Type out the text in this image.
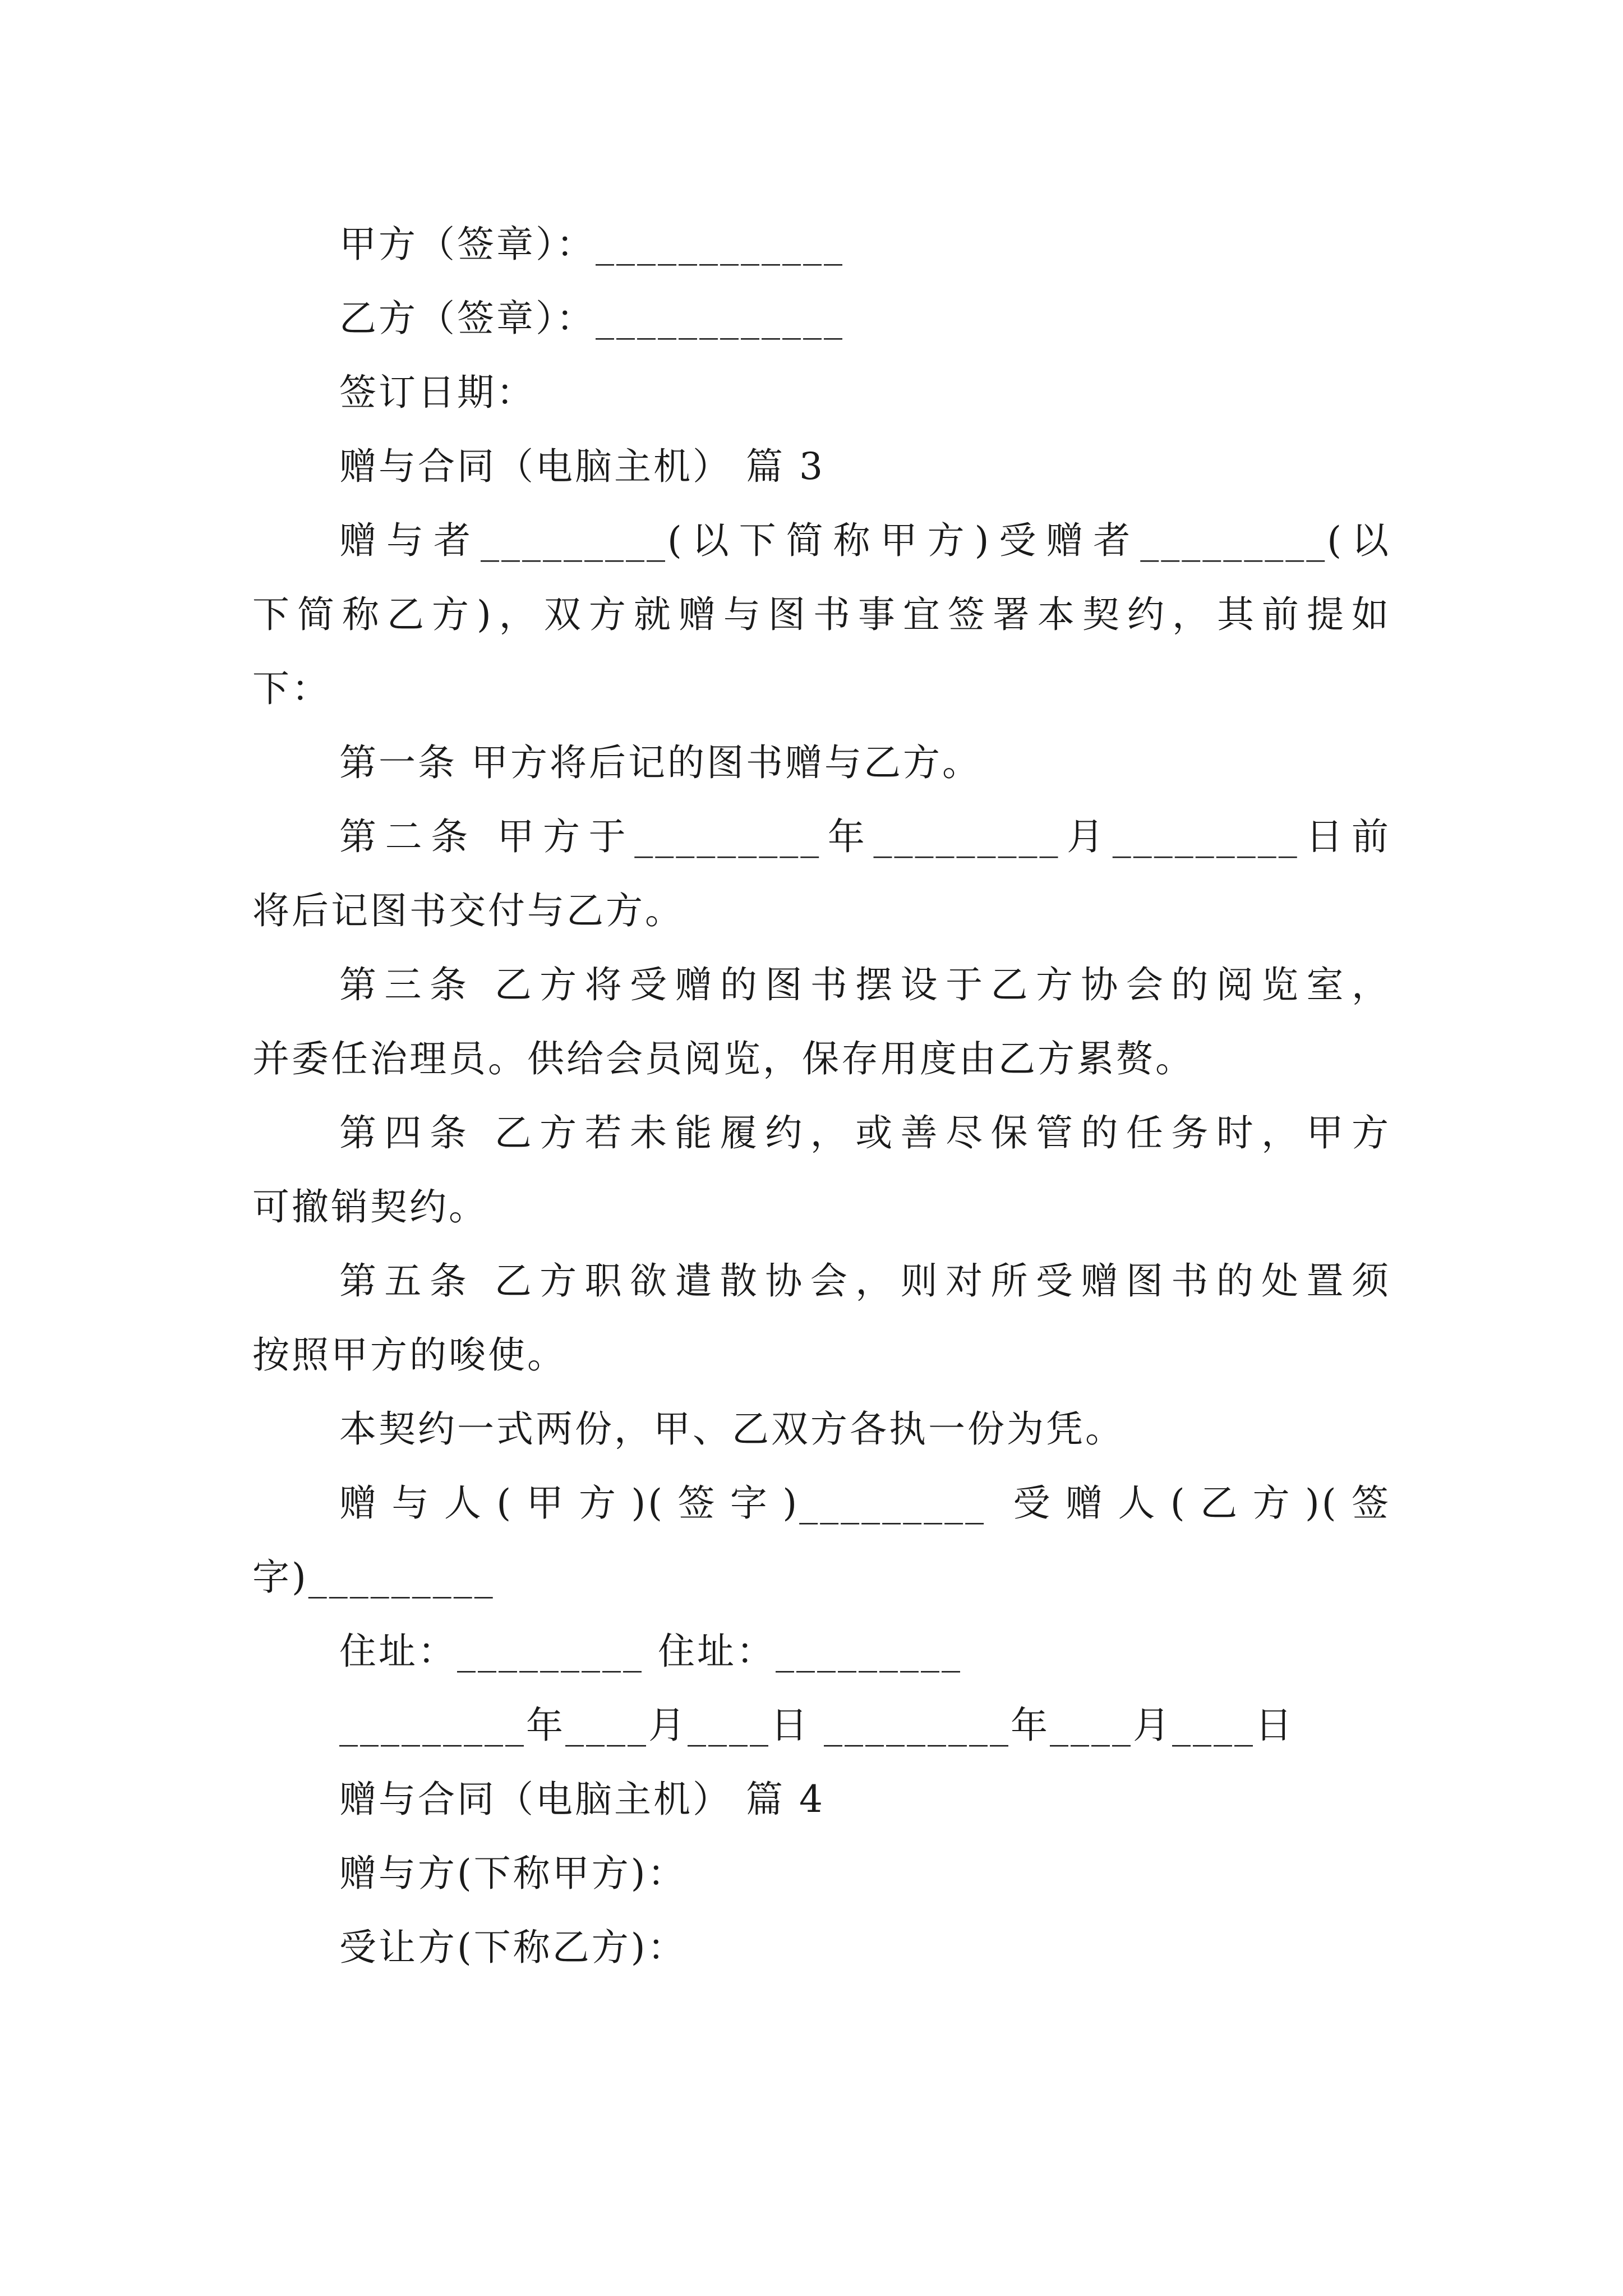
甲方（签章）：____________
乙方（签章）：____________
签订日期：
赠与合同（电脑主机） 篇 3
赠与者_________(以下简称甲方)受赠者_________(以
下简称乙方)，双方就赠与图书事宜签署本契约，其前提如
下：
第一条 甲方将后记的图书赠与乙方。
第二条 甲方于_________年_________月_________日前
将后记图书交付与乙方。
第三条 乙方将受赠的图书摆设于乙方协会的阅览室，
并委任治理员。供给会员阅览，保存用度由乙方累赘。
第四条 乙方若未能履约，或善尽保管的任务时，甲方
可撤销契约。
第五条 乙方职欲遣散协会，则对所受赠图书的处置须
按照甲方的唆使。
本契约一式两份，甲、乙双方各执一份为凭。
赠与人(甲方)(签字)_________ 受赠人(乙方)(签
字)_________
住址：_________ 住址：_________
_________年____月____日 _________年____月____日
赠与合同（电脑主机） 篇 4
赠与方(下称甲方)：
受让方(下称乙方)：
